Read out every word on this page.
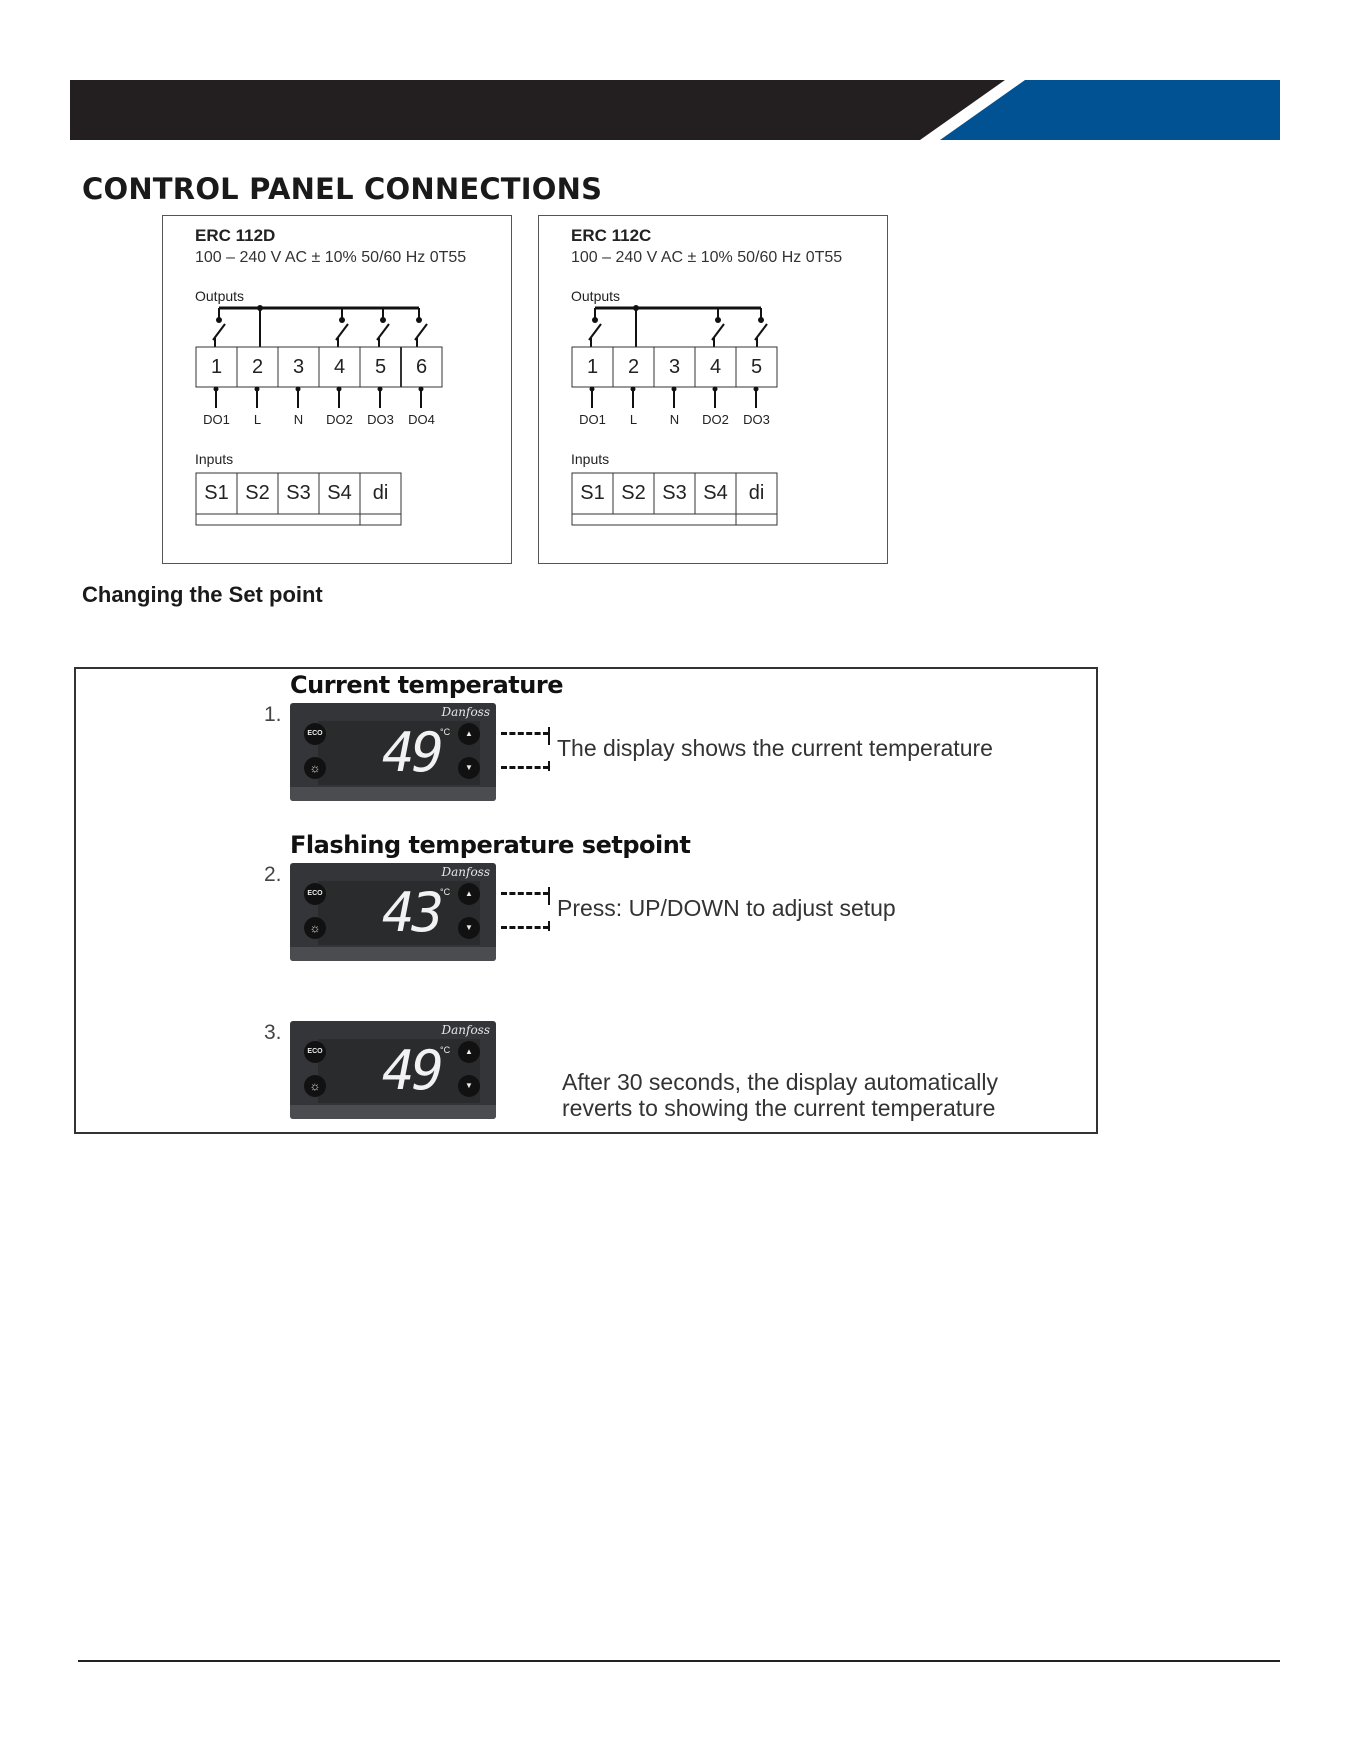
CONTROL PANEL CONNECTIONS
ERC 112D
100 – 240 V AC ± 10% 50/60 Hz 0T55
Outputs
1	2	3	4	5	6
DO1	L	N	DO2	DO3	DO4
Inputs
S1 S2 S3 S4	di
ERC 112C
100 – 240 V AC ± 10% 50/60 Hz 0T55
Outputs
1	2	3	4	5
DO1	L	N	DO2	DO3
Inputs
S1 S2 S3 S4	di
Changing the Set point
Current temperature
1.	Danfoss
ECO
☼ 49
°C	▲
▼
The display shows the current temperature
Flashing temperature setpoint
2.	Danfoss
ECO
☼ 43
°C	▲
▼
Press: UP/DOWN to adjust setup
3.	Danfoss
ECO
☼ 49
°C	▲
▼	After 30 seconds, the display automatically
reverts to showing the current temperature
